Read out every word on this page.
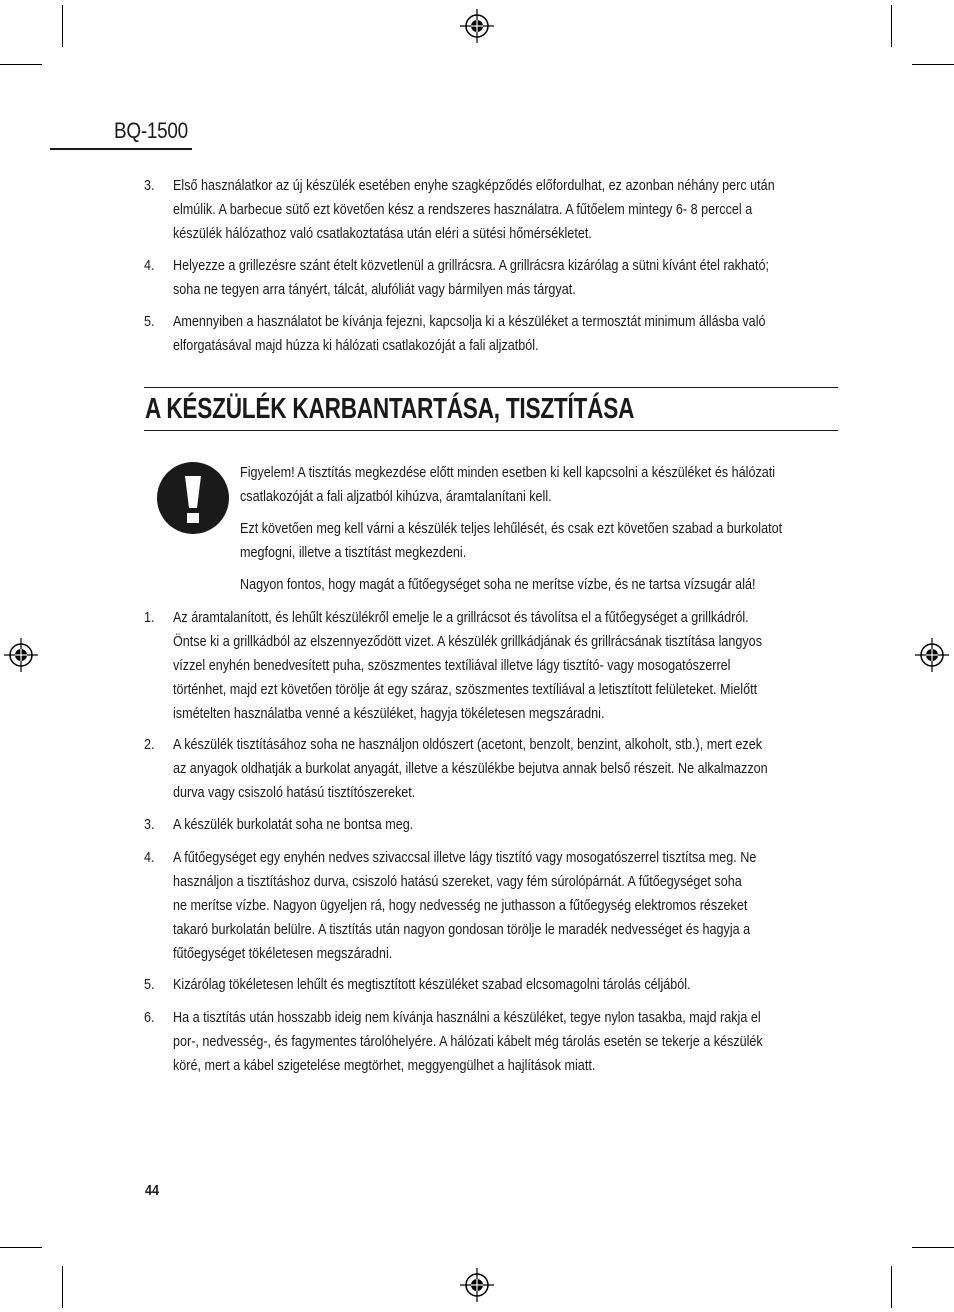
BQ-1500
3. Első használatkor az új készülék esetében enyhe szagképződés előfordulhat, ez azonban néhány perc után
elmúlik. A barbecue sütő ezt követően kész a rendszeres használatra. A fűtőelem mintegy 6- 8 perccel a
készülék hálózathoz való csatlakoztatása után eléri a sütési hőmérsékletet.
4. Helyezze a grillezésre szánt ételt közvetlenül a grillrácsra. A grillrácsra kizárólag a sütni kívánt étel rakható;
soha ne tegyen arra tányért, tálcát, alufóliát vagy bármilyen más tárgyat.
5. Amennyiben a használatot be kívánja fejezni, kapcsolja ki a készüléket a termosztát minimum állásba való
elforgatásával majd húzza ki hálózati csatlakozóját a fali aljzatból.
A KÉSZÜLÉK KARBANTARTÁSA, TISZTÍTÁSA
Figyelem! A tisztítás megkezdése előtt minden esetben ki kell kapcsolni a készüléket és hálózati
csatlakozóját a fali aljzatból kihúzva, áramtalanítani kell.
Ezt követően meg kell várni a készülék teljes lehűlését, és csak ezt követően szabad a burkolatot
megfogni, illetve a tisztítást megkezdeni.
Nagyon fontos, hogy magát a fűtőegységet soha ne merítse vízbe, és ne tartsa vízsugár alá!
1. Az áramtalanított, és lehűlt készülékről emelje le a grillrácsot és távolítsa el a fűtőegységet a grillkádról.
Öntse ki a grillkádból az elszennyeződött vizet. A készülék grillkádjának és grillrácsának tisztítása langyos
vízzel enyhén benedvesített puha, szöszmentes textíliával illetve lágy tisztító- vagy mosogatószerrel
történhet, majd ezt követően törölje át egy száraz, szöszmentes textíliával a letisztított felületeket. Mielőtt
ismételten használatba venné a készüléket, hagyja tökéletesen megszáradni.
2. A készülék tisztításához soha ne használjon oldószert (acetont, benzolt, benzint, alkoholt, stb.), mert ezek
az anyagok oldhatják a burkolat anyagát, illetve a készülékbe bejutva annak belső részeit. Ne alkalmazzon
durva vagy csiszoló hatású tisztítószereket.
3. A készülék burkolatát soha ne bontsa meg.
4. A fűtőegységet egy enyhén nedves szivaccsal illetve lágy tisztító vagy mosogatószerrel tisztítsa meg. Ne
használjon a tisztításhoz durva, csiszoló hatású szereket, vagy fém súrolópárnát. A fűtőegységet soha
ne merítse vízbe. Nagyon ügyeljen rá, hogy nedvesség ne juthasson a fűtőegység elektromos részeket
takaró burkolatán belülre. A tisztítás után nagyon gondosan törölje le maradék nedvességet és hagyja a
fűtőegységet tökéletesen megszáradni.
5. Kizárólag tökéletesen lehűlt és megtisztított készüléket szabad elcsomagolni tárolás céljából.
6. Ha a tisztítás után hosszabb ideig nem kívánja használni a készüléket, tegye nylon tasakba, majd rakja el
por-, nedvesség-, és fagymentes tárolóhelyére. A hálózati kábelt még tárolás esetén se tekerje a készülék
köré, mert a kábel szigetelése megtörhet, meggyengülhet a hajlítások miatt.
44
